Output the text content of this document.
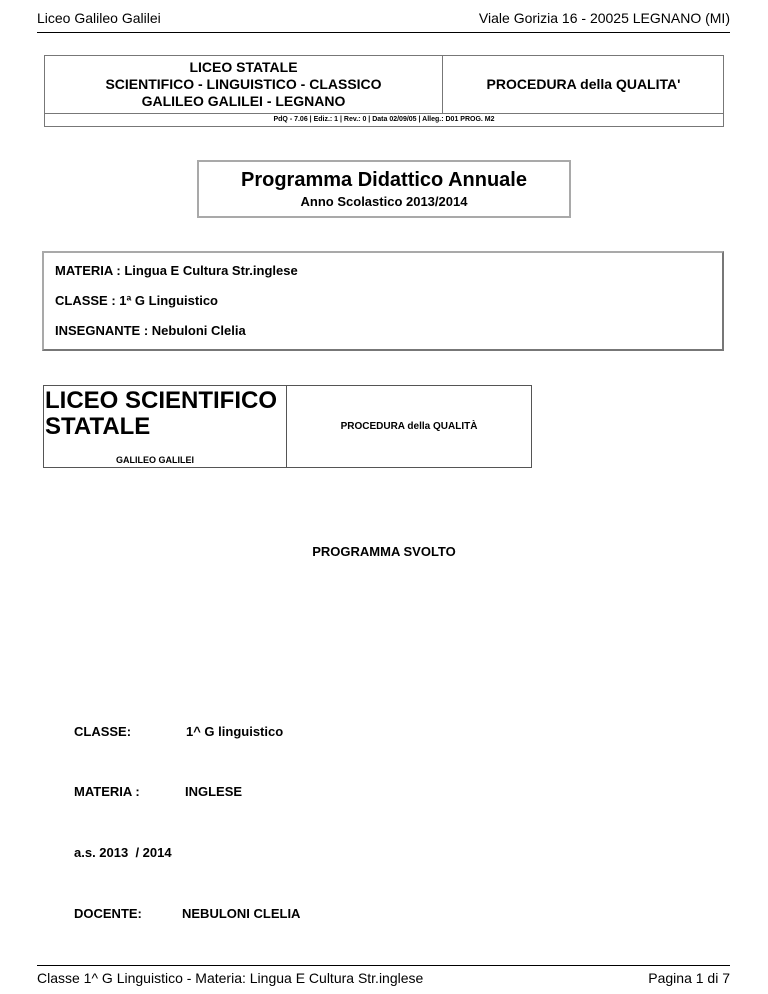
Liceo Galileo Galilei	Viale Gorizia 16 - 20025 LEGNANO (MI)
LICEO STATALE
SCIENTIFICO - LINGUISTICO - CLASSICO
GALILEO GALILEI - LEGNANO
PROCEDURA della QUALITA'
PdQ - 7.06 | Ediz.: 1 | Rev.: 0 | Data 02/09/05 | Alleg.: D01 PROG. M2
Programma Didattico Annuale
Anno Scolastico 2013/2014
MATERIA : Lingua E Cultura Str.inglese
CLASSE : 1ª G Linguistico
INSEGNANTE : Nebuloni Clelia
LICEO SCIENTIFICO
STATALE
GALILEO GALILEI
PROCEDURA della QUALITÀ
PROGRAMMA SVOLTO
CLASSE:	1^ G linguistico
MATERIA :	INGLESE
a.s. 2013  / 2014
DOCENTE:	NEBULONI CLELIA
Classe 1^ G Linguistico - Materia: Lingua E Cultura Str.inglese	Pagina 1 di 7
